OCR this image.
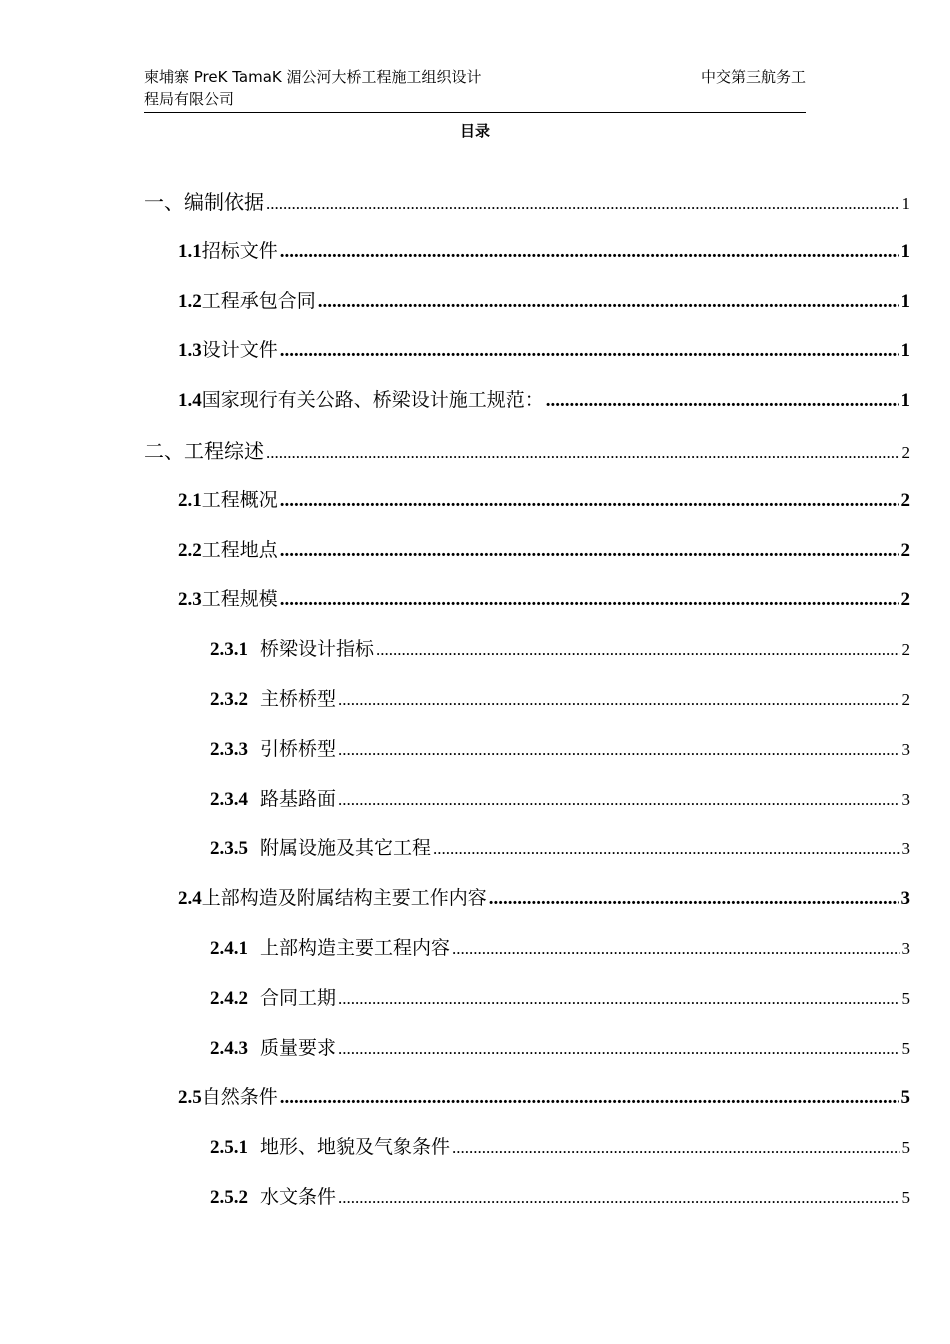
柬埔寨 PreK TamaK 湄公河大桥工程施工组织设计
程局有限公司
中交第三航务工
目录
一、 编制依据 .....	1
1.1 招标文件 .....	1
1.2 工程承包合同 .....	1
1.3 设计文件 .....	1
1.4 国家现行有关公路、桥梁设计施工规范： .....	1
二、 工程综述 .....	2
2.1 工程概况 .....	2
2.2 工程地点 .....	2
2.3 工程规模 .....	2
2.3.1 桥梁设计指标 .....	2
2.3.2 主桥桥型 .....	2
2.3.3 引桥桥型 .....	3
2.3.4 路基路面 .....	3
2.3.5 附属设施及其它工程 .....	3
2.4 上部构造及附属结构主要工作内容 .....	3
2.4.1 上部构造主要工程内容 .....	3
2.4.2 合同工期 .....	5
2.4.3 质量要求 .....	5
2.5 自然条件 .....	5
2.5.1 地形、地貌及气象条件 .....	5
2.5.2 水文条件 .....	5
